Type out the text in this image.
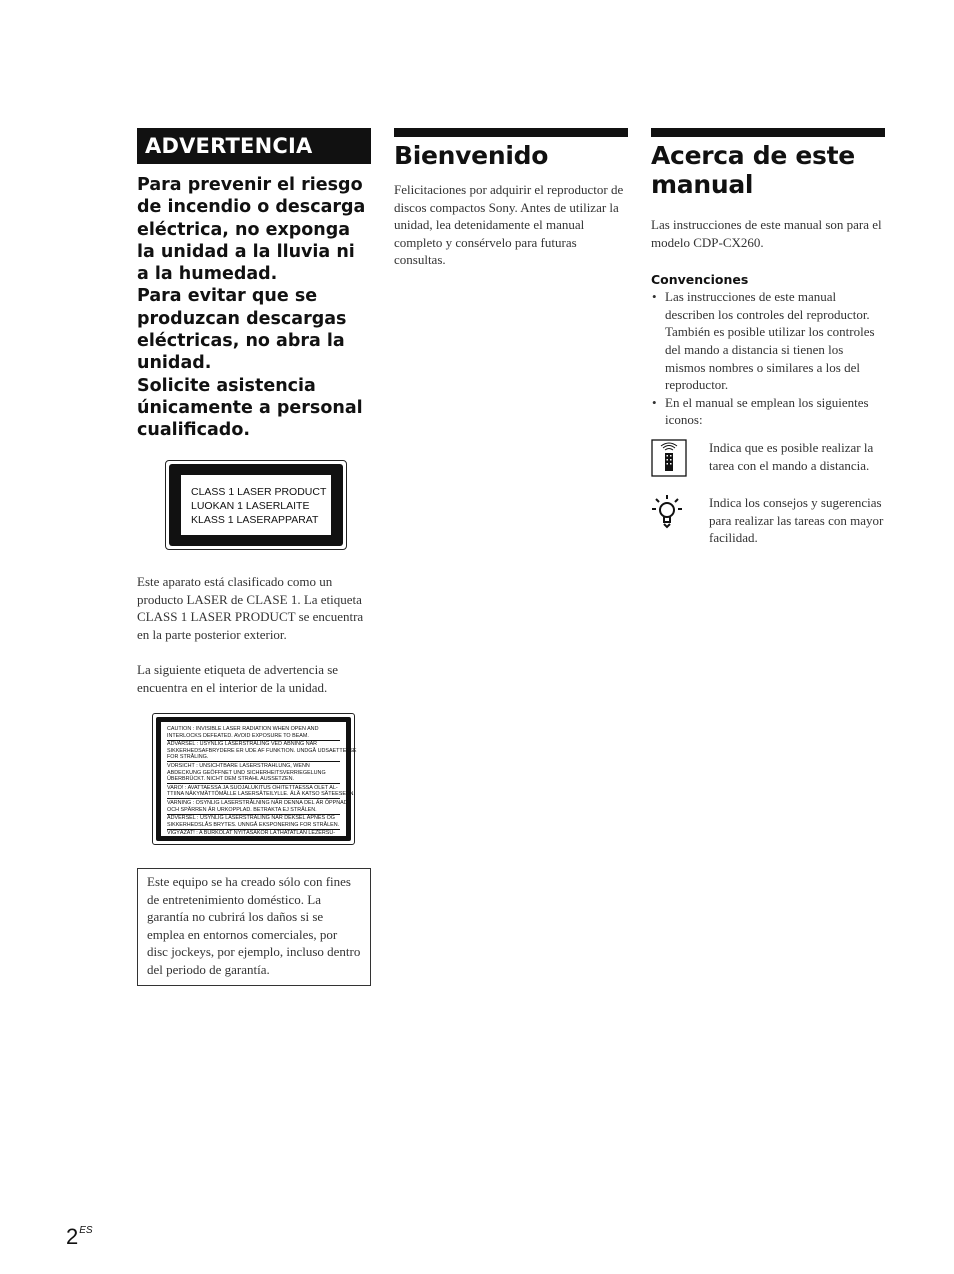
ADVERTENCIA

Para prevenir el riesgo de incendio o descarga eléctrica, no exponga la unidad a la lluvia ni a la humedad.

Para evitar que se produzcan descargas eléctricas, no abra la unidad.

Solicite asistencia únicamente a personal cualificado.

CLASS 1 LASER PRODUCT
LUOKAN 1 LASERLAITE
KLASS 1 LASERAPPARAT
Este aparato está clasificado como un producto LASER de CLASE 1. La etiqueta CLASS 1 LASER PRODUCT se encuentra en la parte posterior exterior.
La siguiente etiqueta de advertencia se encuentra en el interior de la unidad.
CAUTION : INVISIBLE LASER RADIATION WHEN OPEN AND
INTERLOCKS DEFEATED. AVOID EXPOSURE TO BEAM.
ADVARSEL : USYNLIG LASERSTRÅLING VED ÅBNING NÅR
SIKKERHEDSAFBRYDERE ER UDE AF FUNKTION. UNDGÅ UDSAETTELSE
FOR STRÅLING.
VORSICHT : UNSICHTBARE LASERSTRAHLUNG, WENN
ABDECKUNG GEÖFFNET UND SICHERHEITSVERRIEGELUNG
ÜBERBRÜCKT. NICHT DEM STRAHL AUSSETZEN.
VARO! : AVATTAESSA JA SUOJALUKITUS OHITETTAESSA OLET AL-
TTIINA NÄKYMÄTTÖMÄLLE LASERSÄTEILYLLE. ÄLÄ KATSO SÄTEESEEN.
VARNING : OSYNLIG LASERSTRÅLNING NÄR DENNA DEL ÄR ÖPPNAD
OCH SPÄRREN ÄR URKOPPLAD. BETRAKTA EJ STRÅLEN.
ADVERSEL : USYNLIG LASERSTRÅLING NÅR DEKSEL ÅPNES OG
SIKKERHEDSLÅS BRYTES. UNNGÅ EKSPONERING FOR STRÅLEN.
VIGYÁZAT! : A BURKOLAT NYITÁSAKOR LÁTHATATLAN LÉZERSU-
GÁRVESZÉLY! KERÜLJE A BESUGÁRZÁST!
Este equipo se ha creado sólo con fines de entretenimiento doméstico. La garantía no cubrirá los daños si se emplea en entornos comerciales, por disc jockeys, por ejemplo, incluso dentro del periodo de garantía.
Bienvenido
Felicitaciones por adquirir el reproductor de discos compactos Sony. Antes de utilizar la unidad, lea detenidamente el manual completo y consérvelo para futuras consultas.
Acerca de este manual
Las instrucciones de este manual son para el modelo CDP-CX260.
Convenciones
• Las instrucciones de este manual describen los controles del reproductor.
También es posible utilizar los controles del mando a distancia si tienen los mismos nombres o similares a los del reproductor.
• En el manual se emplean los siguientes iconos:
Indica que es posible realizar la tarea con el mando a distancia.
Indica los consejos y sugerencias para realizar las tareas con mayor facilidad.
$2^{ES}$
